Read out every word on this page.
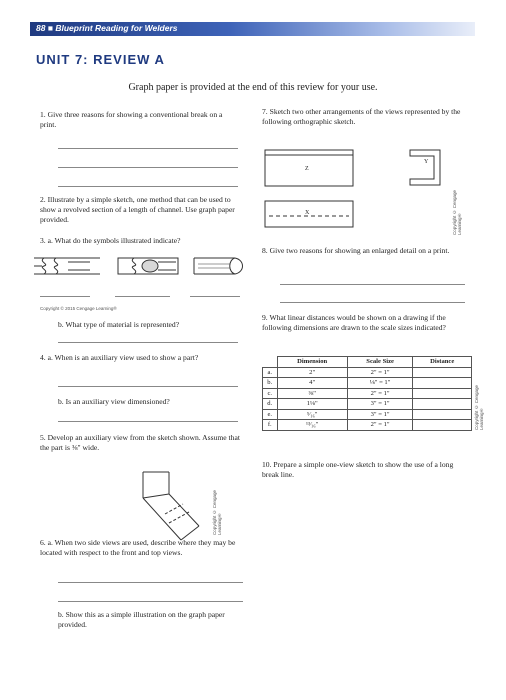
88 ■ Blueprint Reading for Welders
UNIT 7: REVIEW A
Graph paper is provided at the end of this review for your use.
1. Give three reasons for showing a conventional break on a print.
2. Illustrate by a simple sketch, one method that can be used to show a revolved section of a length of channel. Use graph paper provided.
3. a. What do the symbols illustrated indicate?
Copyright © 2015 Cengage Learning®
b. What type of material is represented?
4. a. When is an auxiliary view used to show a part?
b. Is an auxiliary view dimensioned?
5. Develop an auxiliary view from the sketch shown. Assume that the part is ⅜" wide.
Copyright © Cengage Learning®
6. a. When two side views are used, describe where they may be located with respect to the front and top views.
b. Show this as a simple illustration on the graph paper provided.
7. Sketch two other arrangements of the views represented by the following orthographic sketch.
Z
Y
X	Copyright © Cengage Learning®
8. Give two reasons for showing an enlarged detail on a print.
9. What linear distances would be shown on a drawing if the following dimensions are drawn to the scale sizes indicated?
	Dimension	Scale Size	Distance
a.	2"	2" = 1"	
b.	4"	⅛" = 1"	
c.	⅜"	2" = 1"	
d.	1⅛"	3" = 1"	
e.	⁵⁄₁₆"	3" = 1"	
f.	¹³⁄₁₆"	2" = 1"		Copyright © Cengage Learning®
10. Prepare a simple one-view sketch to show the use of a long break line.
